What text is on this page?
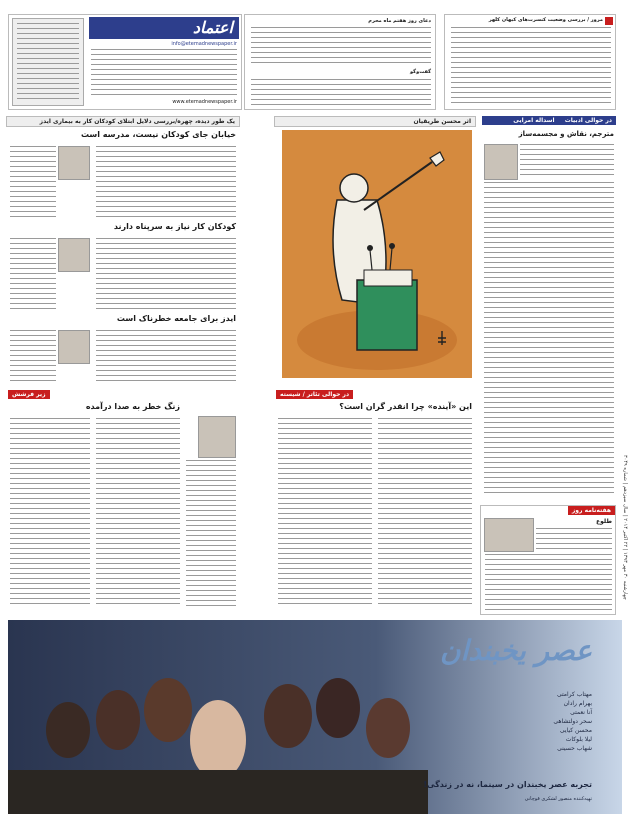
چهارشنبه ۳۰ مهر ۱۳۹۳ | ۲۲ اکتبر ۲۰۱۴ | سال سیزدهم | شماره ۳۰۴۹
مرور / بررسی وضعیت کنسرت‌های کیهان کلهر
دعای روز هفتم ماه محرم
گفت‌وگو
اعتماد
info@etemadnewspaper.ir
www.etemadnewspaper.ir
در حوالی ادبیات اسداله امرایی
مترجم، نقاش و مجسمه‌ساز
هفته‌نامه روز
طلوع
اثر محسن طریقیان
یک طور دیده، چهره/بررسی دلایل ابتلای کودکان کار به بیماری ایدز
خیابان جای کودکان نیست، مدرسه است
کودکان کار نیاز به سرپناه دارند
ایدز برای جامعه خطرناک است
در حوالی تئاتر / شیسته
این «آینده» چرا انقدر گران است؟
زیر فرشش
زنگ خطر به صدا درآمده
عصر یخبندان
مهتاب کرامتی
بهرام رادان
آنا نعمتی
سحر دولتشاهی
محسن کیایی
لیلا بلوکات
شهاب حسینی
تجربه عصر یخبندان در سینما، نه در زندگی!
تهیه‌کننده منصور لشکری قوچانی
